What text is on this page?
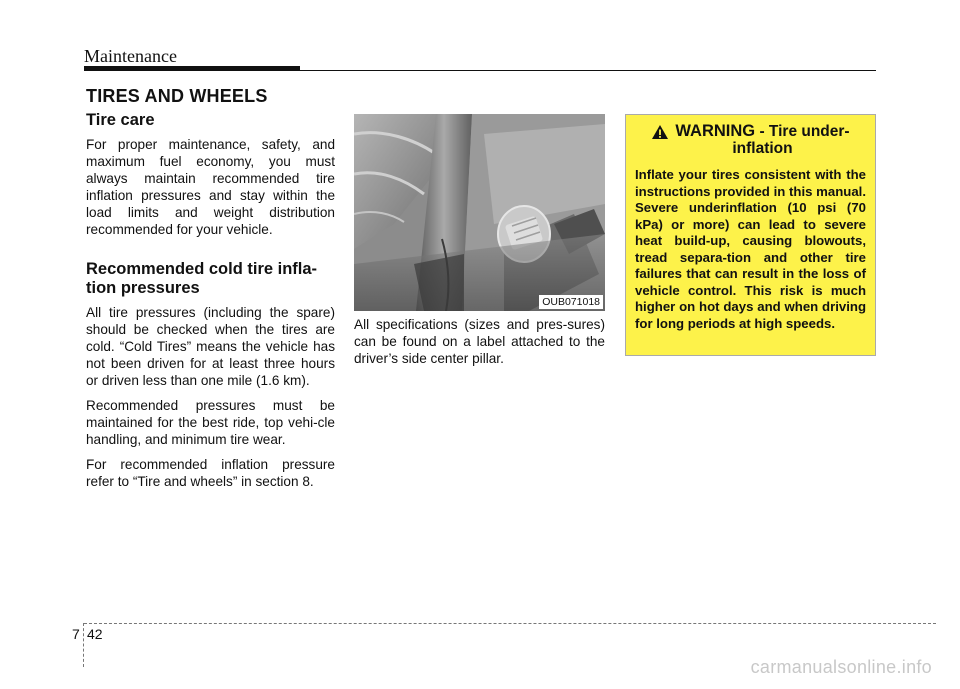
Maintenance
TIRES AND WHEELS
Tire care

For proper maintenance, safety, and maximum fuel economy, you must always maintain recommended tire inflation pressures and stay within the load limits and weight distribution recommended for your vehicle.

Recommended cold tire infla-
tion pressures

All tire pressures (including the spare) should be checked when the tires are cold. “Cold Tires” means the vehicle has not been driven for at least three hours or driven less than one mile (1.6 km).

Recommended pressures must be maintained for the best ride, top vehi-cle handling, and minimum tire wear.

For recommended inflation pressure refer to “Tire and wheels” in section 8.

OUB071018

All specifications (sizes and pres-sures) can be found on a label attached to the driver’s side center pillar.

WARNING - Tire under-
inflation

Inflate your tires consistent with the instructions provided in this manual. Severe underinflation (10 psi (70 kPa) or more) can lead to severe heat build-up, causing blowouts, tread separa-tion and other tire failures that can result in the loss of vehicle control. This risk is much higher on hot days and when driving for long periods at high speeds.

7 42
carmanualsonline.info
